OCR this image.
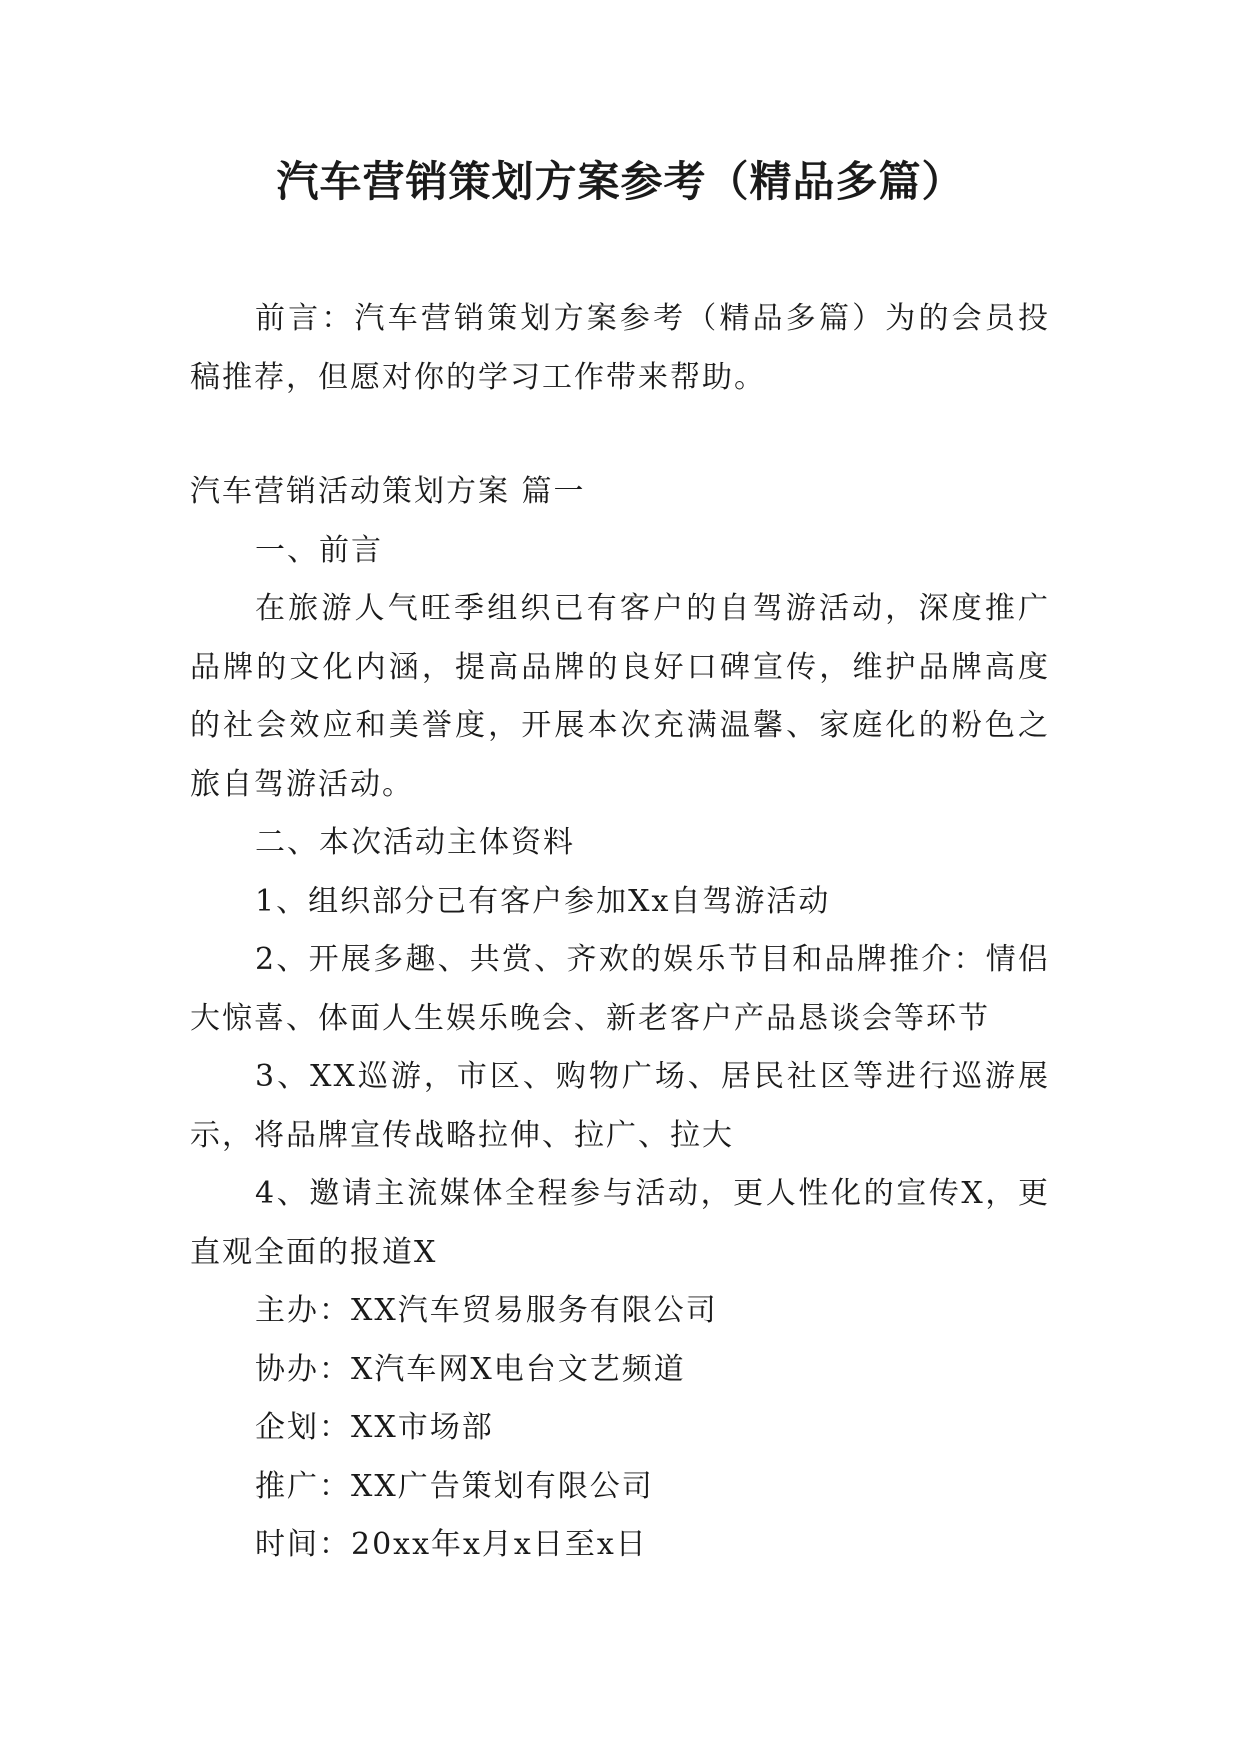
汽车营销策划方案参考（精品多篇）

前言：汽车营销策划方案参考（精品多篇）为的会员投稿推荐，但愿对你的学习工作带来帮助。

汽车营销活动策划方案 篇一

一、前言

在旅游人气旺季组织已有客户的自驾游活动，深度推广品牌的文化内涵，提高品牌的良好口碑宣传，维护品牌高度的社会效应和美誉度，开展本次充满温馨、家庭化的粉色之旅自驾游活动。

二、本次活动主体资料

1、组织部分已有客户参加Xx自驾游活动

2、开展多趣、共赏、齐欢的娱乐节目和品牌推介：情侣大惊喜、体面人生娱乐晚会、新老客户产品恳谈会等环节

3、XX巡游，市区、购物广场、居民社区等进行巡游展示，将品牌宣传战略拉伸、拉广、拉大

4、邀请主流媒体全程参与活动，更人性化的宣传X，更直观全面的报道X

主办：XX汽车贸易服务有限公司

协办：X汽车网X电台文艺频道

企划：XX市场部

推广：XX广告策划有限公司

时间：20xx年x月x日至x日
